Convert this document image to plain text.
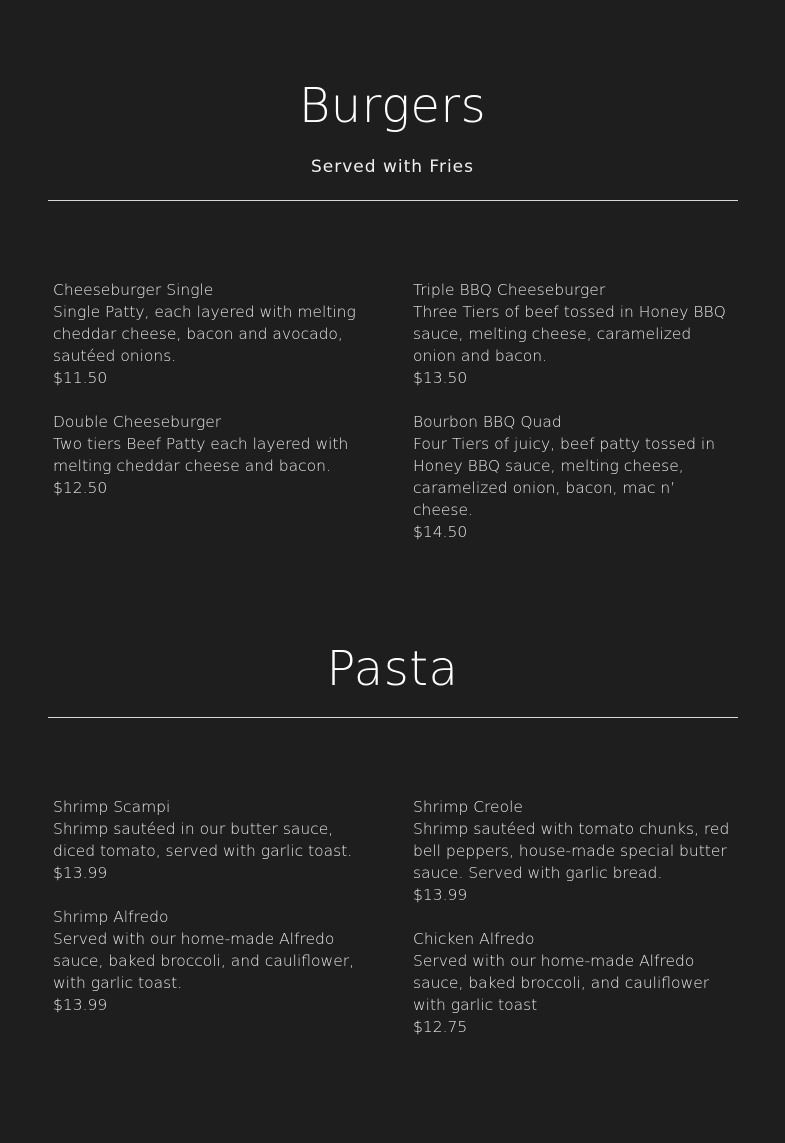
Burgers

Served with Fries

Cheeseburger Single
Single Patty, each layered with melting cheddar cheese, bacon and avocado, sautéed onions.
$11.50
Double Cheeseburger
Two tiers Beef Patty each layered with melting cheddar cheese and bacon.
$12.50
Triple BBQ Cheeseburger
Three Tiers of beef tossed in Honey BBQ sauce, melting cheese, caramelized onion and bacon.
$13.50
Bourbon BBQ Quad
Four Tiers of juicy, beef patty tossed in Honey BBQ sauce, melting cheese, caramelized onion, bacon, mac n’ cheese.
$14.50
Pasta
Shrimp Scampi
Shrimp sautéed in our butter sauce, diced tomato, served with garlic toast.
$13.99
Shrimp Alfredo
Served with our home-made Alfredo sauce, baked broccoli, and cauliflower, with garlic toast.
$13.99
Shrimp Creole
Shrimp sautéed with tomato chunks, red bell peppers, house-made special butter sauce. Served with garlic bread.
$13.99
Chicken Alfredo
Served with our home-made Alfredo sauce, baked broccoli, and cauliflower with garlic toast
$12.75
